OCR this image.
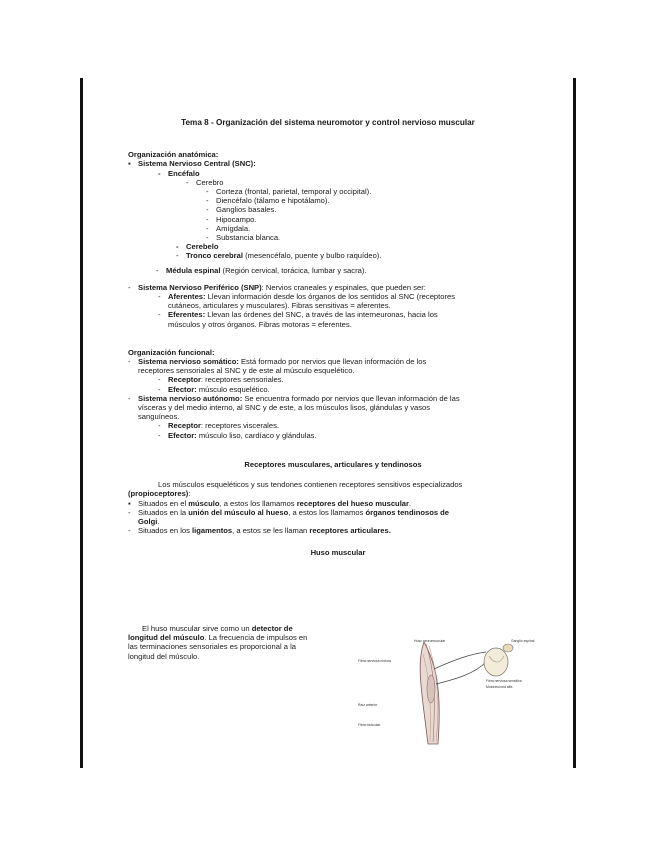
Tema 8 - Organización del sistema neuromotor y control nervioso muscular
Organización anatómica:
▪ Sistema Nervioso Central (SNC):
- Encéfalo
- Cerebro
- Corteza (frontal, parietal, temporal y occipital).
- Diencéfalo (tálamo e hipotálamo).
- Ganglios basales.
- Hipocampo.
- Amígdala.
- Substancia blanca.
- Cerebelo
- Tronco cerebral (mesencéfalo, puente y bulbo raquídeo).
- Médula espinal (Región cervical, torácica, lumbar y sacra).
- Sistema Nervioso Periférico (SNP): Nervios craneales y espinales, que pueden ser:
- Aferentes: Llevan información desde los órganos de los sentidos al SNC (receptores
cutáneos, articulares y musculares). Fibras sensitivas = aferentes.
- Eferentes: Llevan las órdenes del SNC, a través de las interneuronas, hacia los
músculos y otros órganos. Fibras motoras = eferentes.
Organización funcional:
- Sistema nervioso somático: Está formado por nervios que llevan información de los
receptores sensoriales al SNC y de este al músculo esquelético.
- Receptor: receptores sensoriales.
- Efector: músculo esquelético.
- Sistema nervioso autónomo: Se encuentra formado por nervios que llevan información de las
vísceras y del medio interno, al SNC y de este, a los músculos lisos, glándulas y vasos
sanguíneos.
- Receptor: receptores viscerales.
- Efector: músculo liso, cardíaco y glándulas.
Receptores musculares, articulares y tendinosos
Los músculos esqueléticos y sus tendones contienen receptores sensitivos especializados
(propioceptores):
▪ Situados en el músculo, a estos los llamamos receptores del hueso muscular.
- Situados en la unión del músculo al hueso, a estos los llamamos órganos tendinosos de
Golgi.
- Situados en los ligamentos, a estos se les llaman receptores articulares.
Huso muscular
El huso muscular sirve como un detector de
longitud del músculo. La frecuencia de impulsos en
las terminaciones sensoriales es proporcional a la
longitud del músculo.
Huso neuromuscular	Ganglio espinal
Fibra nerviosa motora
Fibra nerviosa sensitiva
Motoneurona alfa
Raíz anterior
Fibra muscular
